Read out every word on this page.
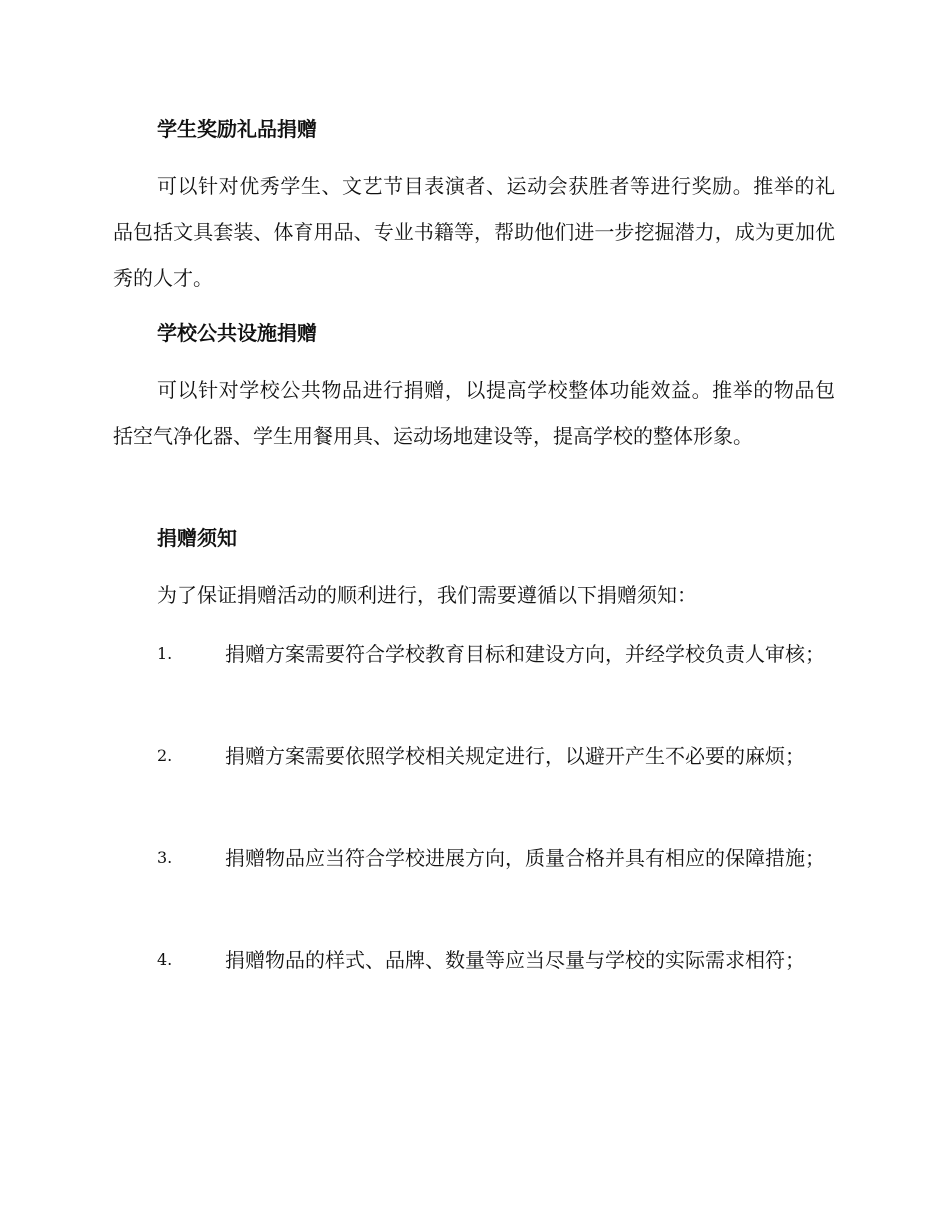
学生奖励礼品捐赠

可以针对优秀学生、文艺节目表演者、运动会获胜者等进行奖励。推举的礼品包括文具套装、体育用品、专业书籍等，帮助他们进一步挖掘潜力，成为更加优秀的人才。

学校公共设施捐赠

可以针对学校公共物品进行捐赠，以提高学校整体功能效益。推举的物品包括空气净化器、学生用餐用具、运动场地建设等，提高学校的整体形象。

捐赠须知
为了保证捐赠活动的顺利进行，我们需要遵循以下捐赠须知：
1.	捐赠方案需要符合学校教育目标和建设方向，并经学校负责人审核；
2.	捐赠方案需要依照学校相关规定进行，以避开产生不必要的麻烦；
3.	捐赠物品应当符合学校进展方向，质量合格并具有相应的保障措施；
4.	捐赠物品的样式、品牌、数量等应当尽量与学校的实际需求相符；
